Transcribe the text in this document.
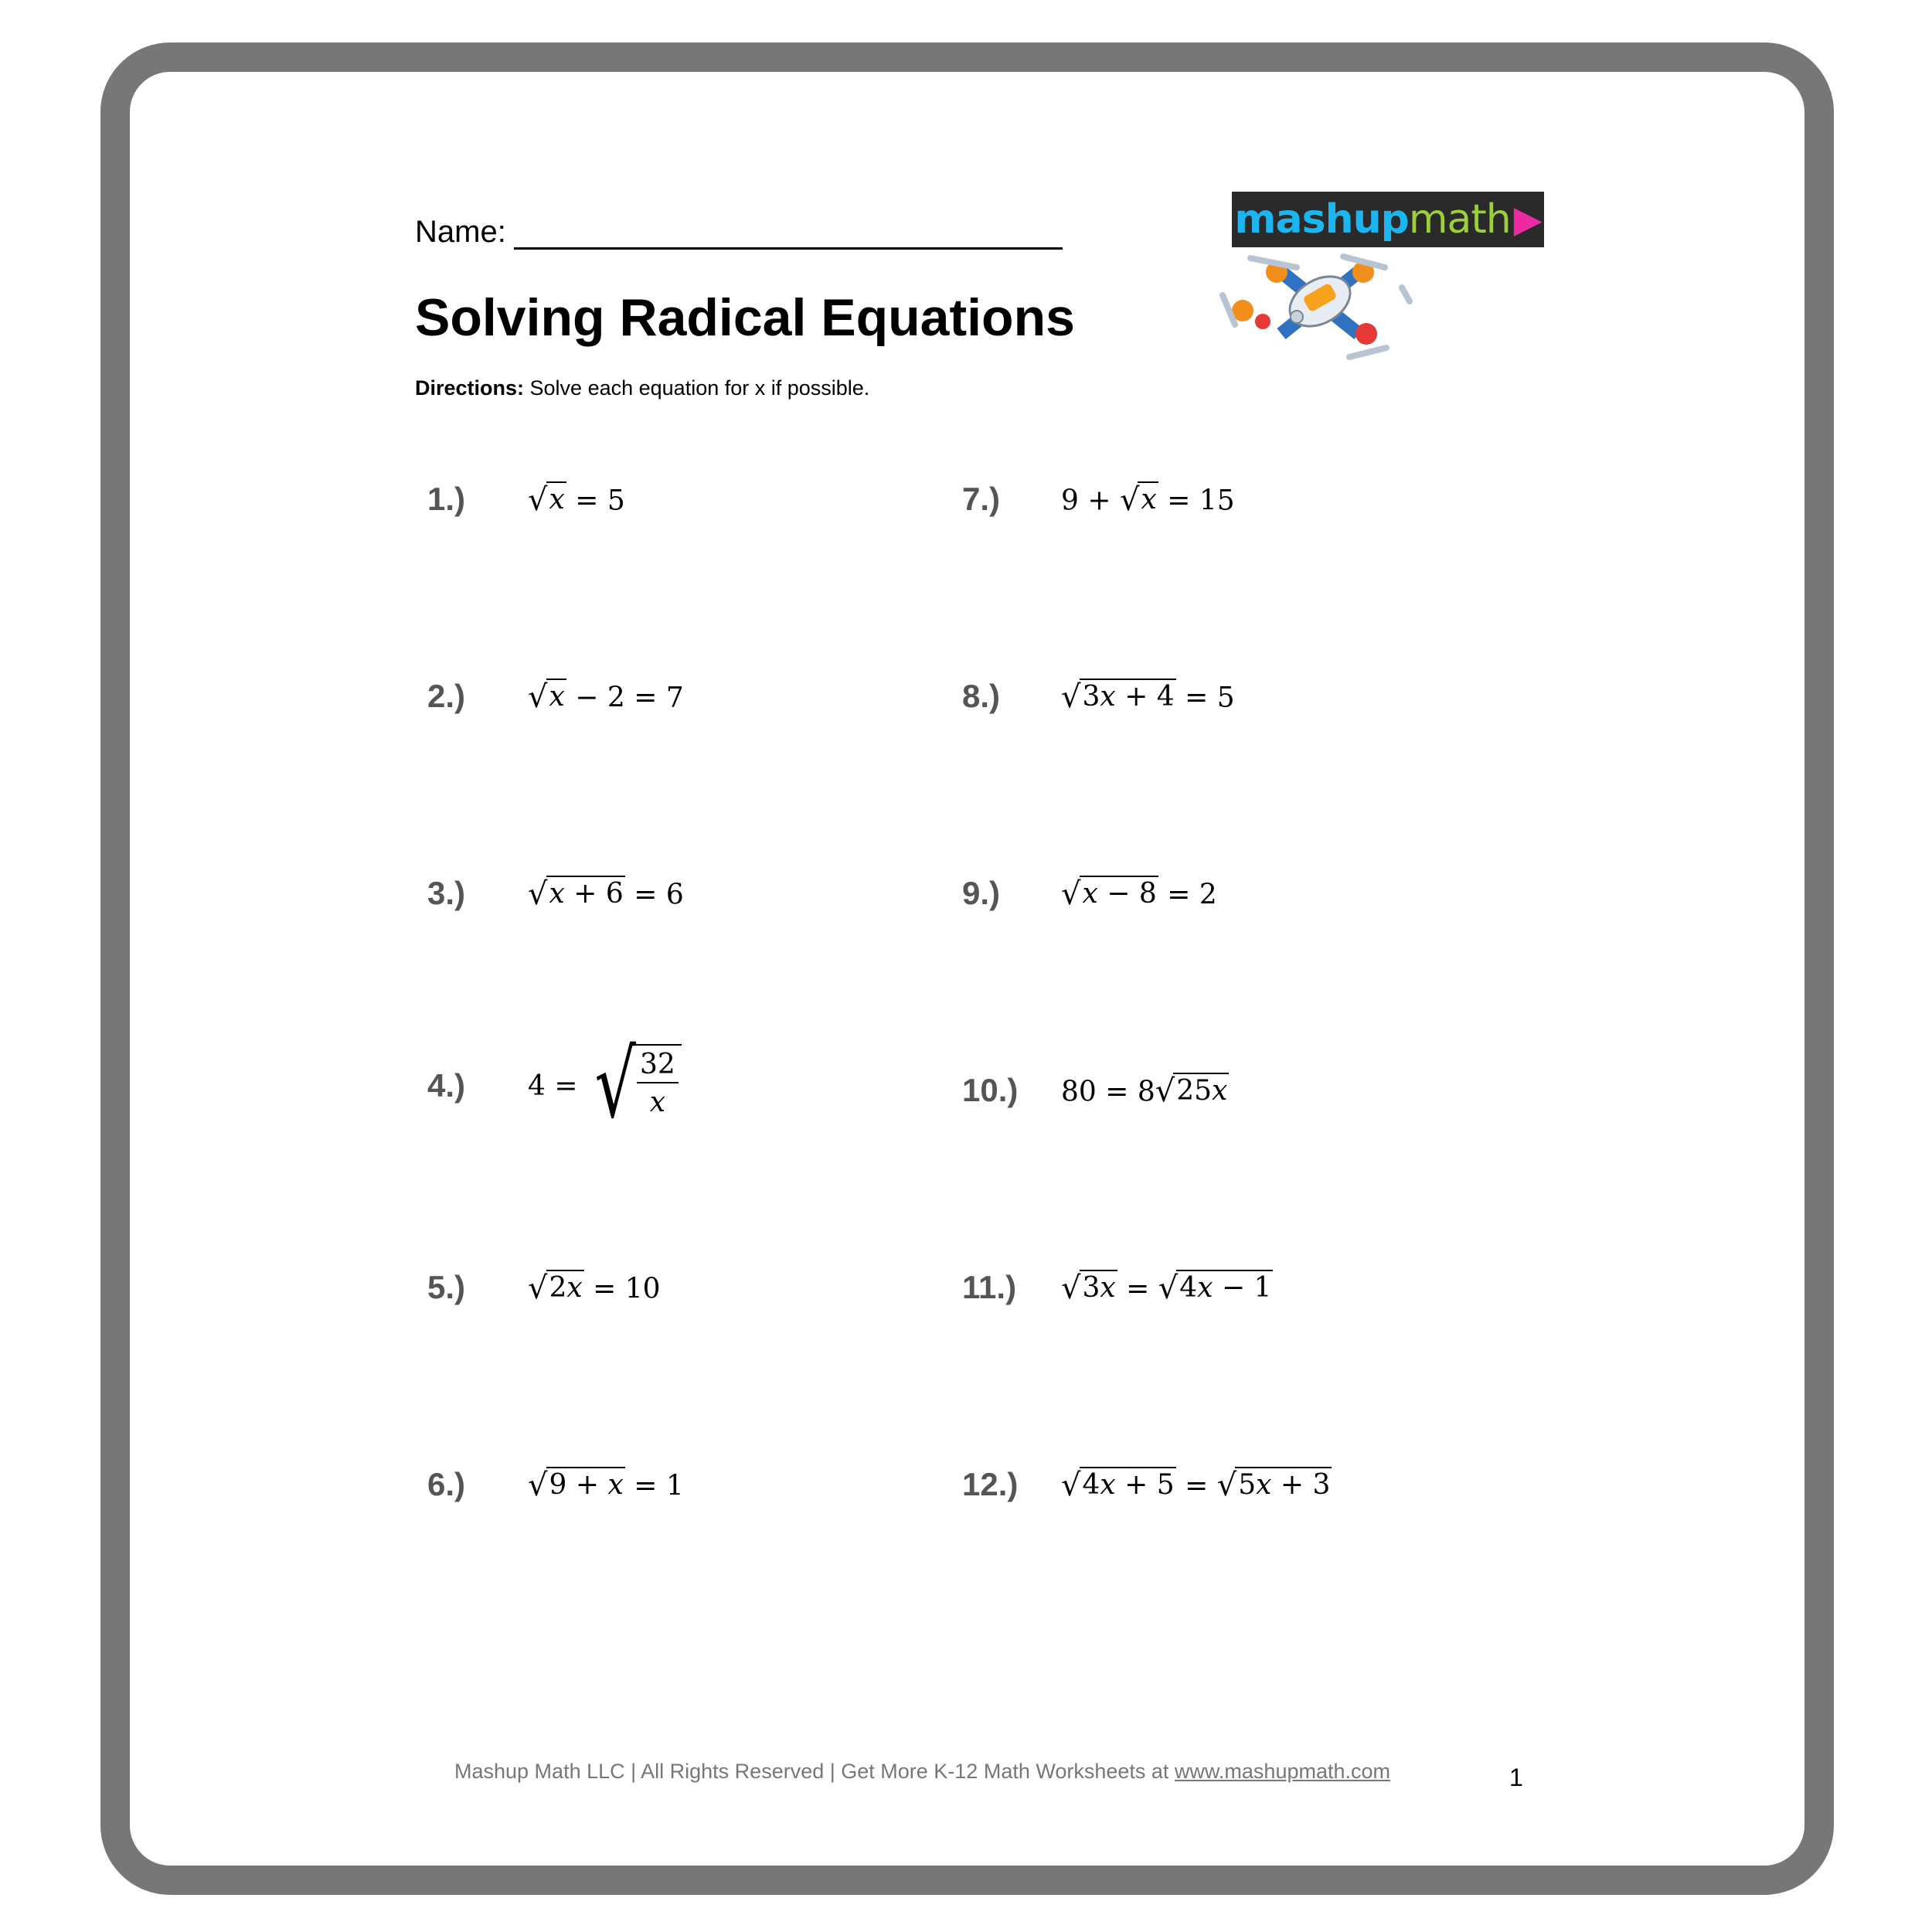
Name:
Solving Radical Equations
Directions: Solve each equation for x if possible.
mashup math ▶
1.)	√ x = 5
2.)	√ x − 2 = 7
3.)	√ x + 6 = 6
4.)	4 = √ $\frac{32}{x}$
5.)	√ 2x = 10
6.)	√ 9 + x = 1
7.)	9 + √ x = 15
8.)	√ 3x + 4 = 5
9.)	√ x − 8 = 2
10.)	80 = 8 √ 25x
11.)	√ 3x = √ 4x − 1
12.)	√ 4x + 5 = √ 5x + 3
Mashup Math LLC | All Rights Reserved | Get More K-12 Math Worksheets at www.mashupmath.com	1
